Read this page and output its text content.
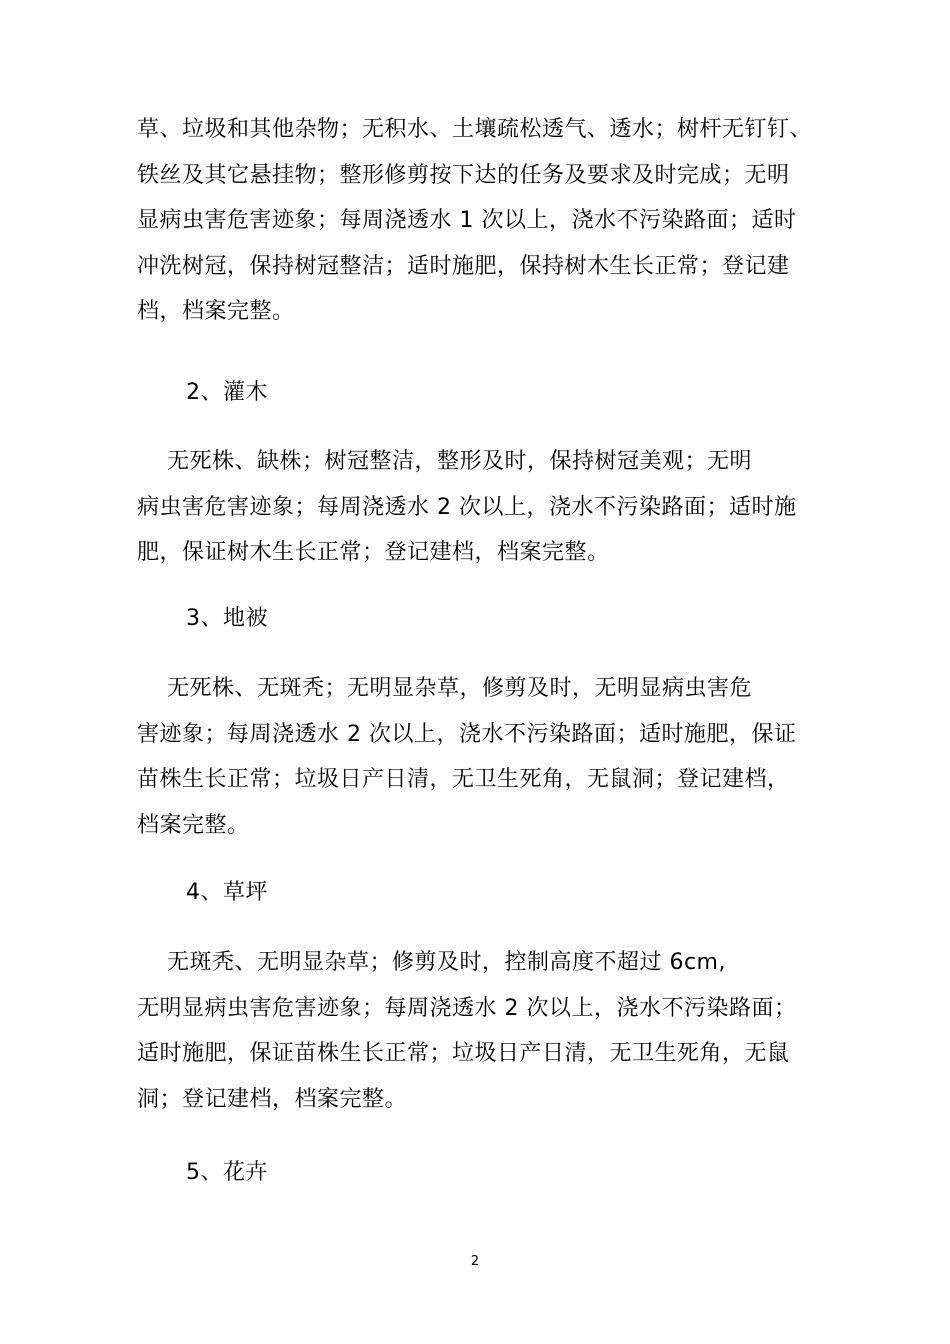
草、垃圾和其他杂物；无积水、土壤疏松透气、透水；树杆无钉钉、
铁丝及其它悬挂物；整形修剪按下达的任务及要求及时完成；无明
显病虫害危害迹象；每周浇透水 1 次以上，浇水不污染路面；适时
冲洗树冠，保持树冠整洁；适时施肥，保持树木生长正常；登记建
档，档案完整。

2、灌木

无死株、缺株；树冠整洁，整形及时，保持树冠美观；无明
病虫害危害迹象；每周浇透水 2 次以上，浇水不污染路面；适时施
肥，保证树木生长正常；登记建档，档案完整。

3、地被

无死株、无斑秃；无明显杂草，修剪及时，无明显病虫害危
害迹象；每周浇透水 2 次以上，浇水不污染路面；适时施肥，保证
苗株生长正常；垃圾日产日清，无卫生死角，无鼠洞；登记建档，
档案完整。

4、草坪

无斑秃、无明显杂草；修剪及时，控制高度不超过 6cm,
无明显病虫害危害迹象；每周浇透水 2 次以上，浇水不污染路面；
适时施肥，保证苗株生长正常；垃圾日产日清，无卫生死角，无鼠
洞；登记建档，档案完整。

5、花卉

2
